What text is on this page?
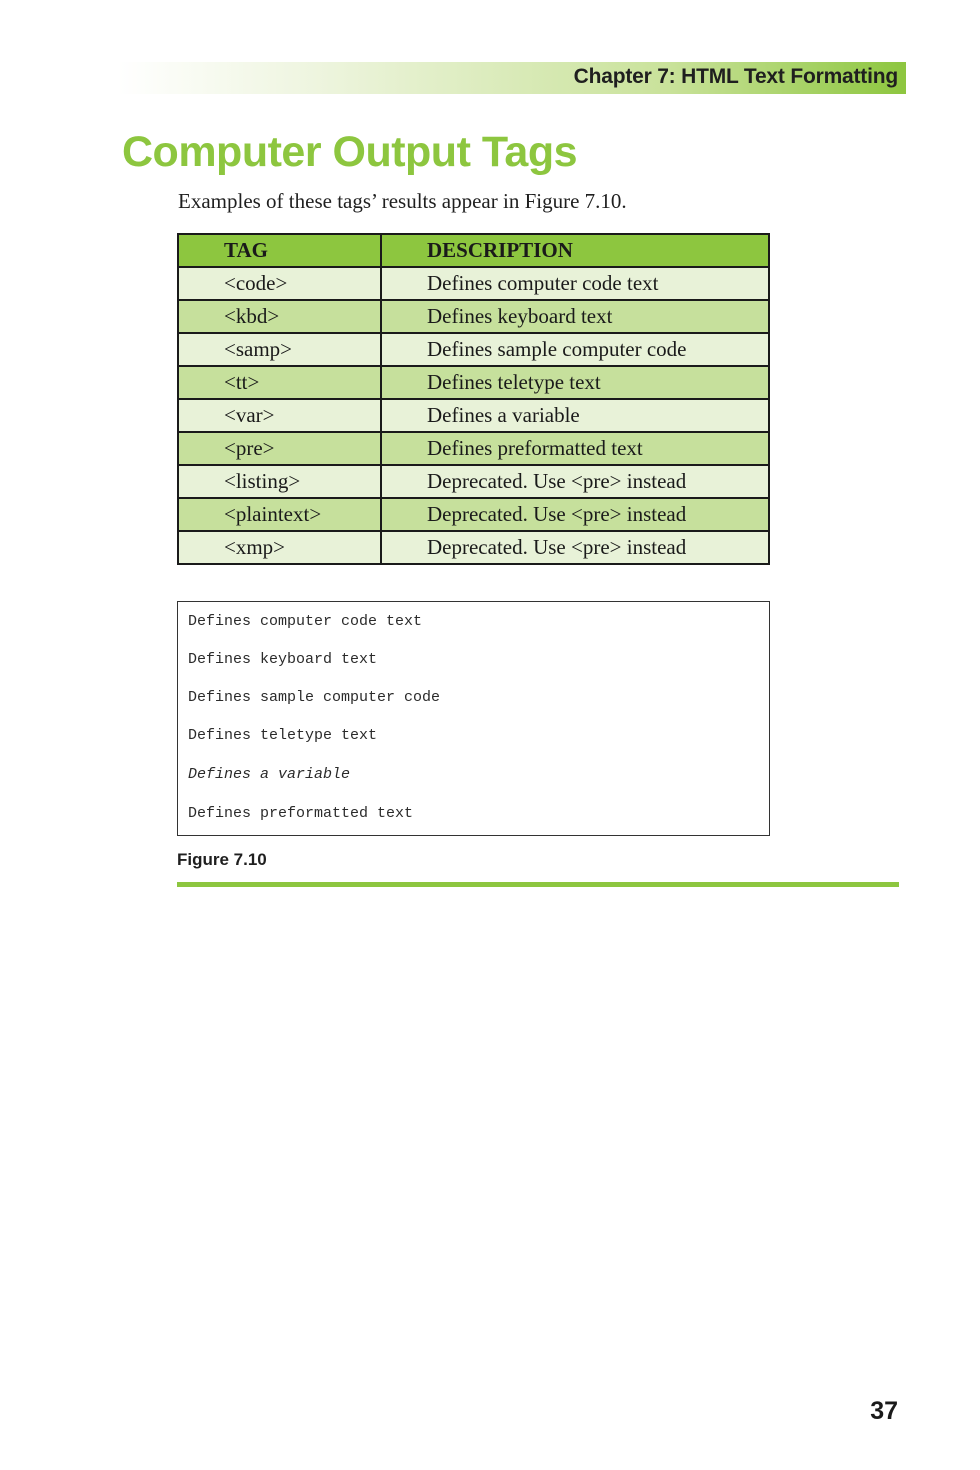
Chapter 7: HTML Text Formatting
Computer Output Tags
Examples of these tags’ results appear in Figure 7.10.
TAG	DESCRIPTION
<code>	Defines computer code text
<kbd>	Defines keyboard text
<samp>	Defines sample computer code
<tt>	Defines teletype text
<var>	Defines a variable
<pre>	Defines preformatted text
<listing>	Deprecated. Use <pre> instead
<plaintext>	Deprecated. Use <pre> instead
<xmp>	Deprecated. Use <pre> instead
Defines computer code text
Defines keyboard text
Defines sample computer code
Defines teletype text
Defines a variable
Defines preformatted text
Figure 7.10
37
